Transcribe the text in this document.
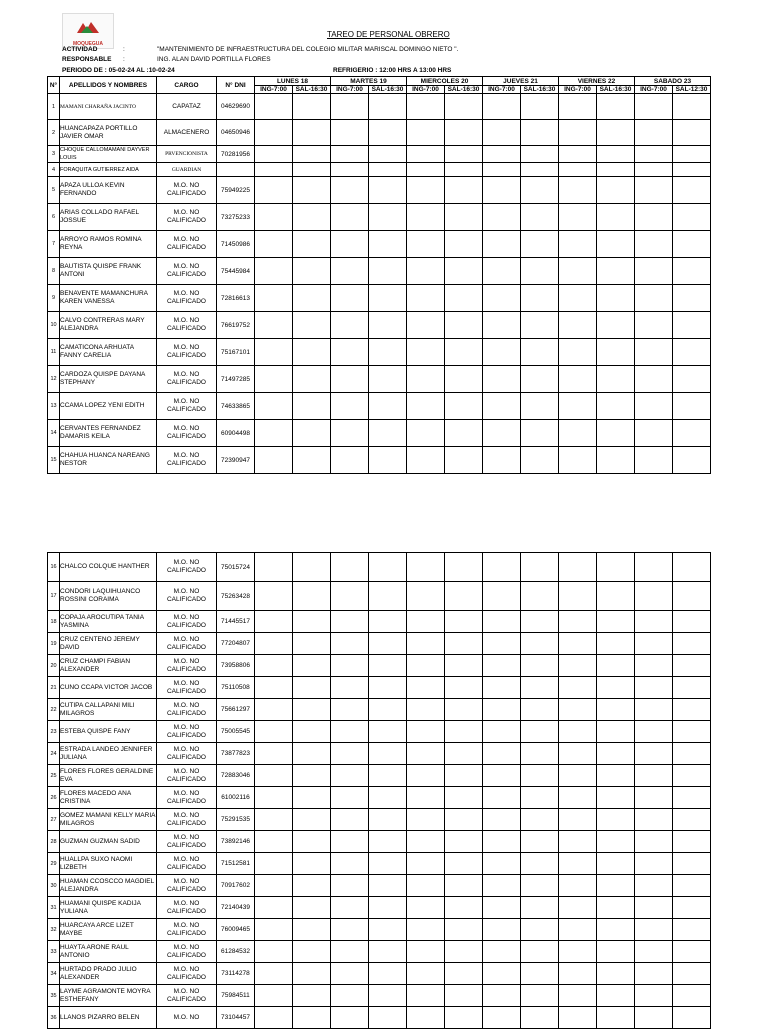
MOQUEGUA
TAREO DE PERSONAL OBRERO
ACTIVIDAD	:	"MANTENIMIENTO DE INFRAESTRUCTURA DEL COLEGIO MILITAR MARISCAL DOMINGO NIETO ".
RESPONSABLE :	ING. ALAN DAVID PORTILLA FLORES
PERIODO DE : 05-02-24 AL :10-02-24	REFRIGERIO : 12:00 HRS A 13:00 HRS
N°	APELLIDOS Y NOMBRES	CARGO	N° DNI	LUNES 18		MARTES 19		MIERCOLES 20		JUEVES 21		VIERNES 22		SABADO 23	
				ING-7:00	SAL-16:30	ING-7:00	SAL-16:30	ING-7:00	SAL-16:30	ING-7:00	SAL-16:30	ING-7:00	SAL-16:30	ING-7:00	SAL-12:30
1	MAMANI CHARAÑA JACINTO	CAPATAZ	04629690												
2	HUANCAPAZA PORTILLO JAVIER OMAR	ALMACENERO	04650946												
3	CHOQUE CALLOMAMANI DAYVER LOUIS	PRVENCIONISTA	70281956												
4	FORAQUITA GUTIERREZ AIDA	GUARDIAN													
5	APAZA ULLOA KEVIN FERNANDO	M.O. NO CALIFICADO	75949225												
6	ARIAS COLLADO RAFAEL JOSSUE	M.O. NO CALIFICADO	73275233												
7	ARROYO RAMOS ROMINA REYNA	M.O. NO CALIFICADO	71450986												
8	BAUTISTA QUISPE FRANK ANTONI	M.O. NO CALIFICADO	75445984												
9	BENAVENTE MAMANCHURA KAREN VANESSA	M.O. NO CALIFICADO	72816613												
10	CALVO CONTRERAS MARY ALEJANDRA	M.O. NO CALIFICADO	76619752												
11	CAMATICONA ARHUATA FANNY CARELIA	M.O. NO CALIFICADO	75167101												
12	CARDOZA QUISPE DAYANA STEPHANY	M.O. NO CALIFICADO	71497285												
13	CCAMA LOPEZ YENI EDITH	M.O. NO CALIFICADO	74633865												
14	CERVANTES FERNANDEZ DAMARIS KEILA	M.O. NO CALIFICADO	60904498												
15	CHAHUA HUANCA NAREANG NESTOR	M.O. NO CALIFICADO	72390947												
16	CHALCO COLQUE HANTHER	M.O. NO CALIFICADO	75015724												
17	CONDORI LAQUIHUANCO ROSSINI CORAIMA	M.O. NO CALIFICADO	75263428												
18	COPAJA AROCUTIPA TANIA YASMINA	M.O. NO CALIFICADO	71445517												
19	CRUZ CENTENO JEREMY DAVID	M.O. NO CALIFICADO	77204807												
20	CRUZ CHAMPI FABIAN ALEXANDER	M.O. NO CALIFICADO	73958806												
21	CUNO CCAPA VICTOR JACOB	M.O. NO CALIFICADO	75110508												
22	CUTIPA CALLAPANI MILI MILAGROS	M.O. NO CALIFICADO	75661297												
23	ESTEBA QUISPE FANY	M.O. NO CALIFICADO	75005545												
24	ESTRADA LANDEO JENNIFER JULIANA	M.O. NO CALIFICADO	73877823												
25	FLORES FLORES GERALDINE EVA	M.O. NO CALIFICADO	72883046												
26	FLORES MACEDO ANA CRISTINA	M.O. NO CALIFICADO	61002116												
27	GOMEZ MAMANI KELLY MARIA MILAGROS	M.O. NO CALIFICADO	75291535												
28	GUZMAN GUZMAN SADID	M.O. NO CALIFICADO	73892146												
29	HUALLPA SUXO NAOMI LIZBETH	M.O. NO CALIFICADO	71512581												
30	HUAMAN CCOSCCO MAGDIEL ALEJANDRA	M.O. NO CALIFICADO	70917602												
31	HUAMANI QUISPE KADIJA YULIANA	M.O. NO CALIFICADO	72140439												
32	HUARCAYA ARCE LIZET MAYBE	M.O. NO CALIFICADO	76009465												
33	HUAYTA ARONE RAUL ANTONIO	M.O. NO CALIFICADO	61284532												
34	HURTADO PRADO JULIO ALEXANDER	M.O. NO CALIFICADO	73114278												
35	LAYME AGRAMONTE MOYRA ESTHEFANY	M.O. NO CALIFICADO	75984511												
36	LLANOS PIZARRO BELEN	M.O. NO	73104457												
